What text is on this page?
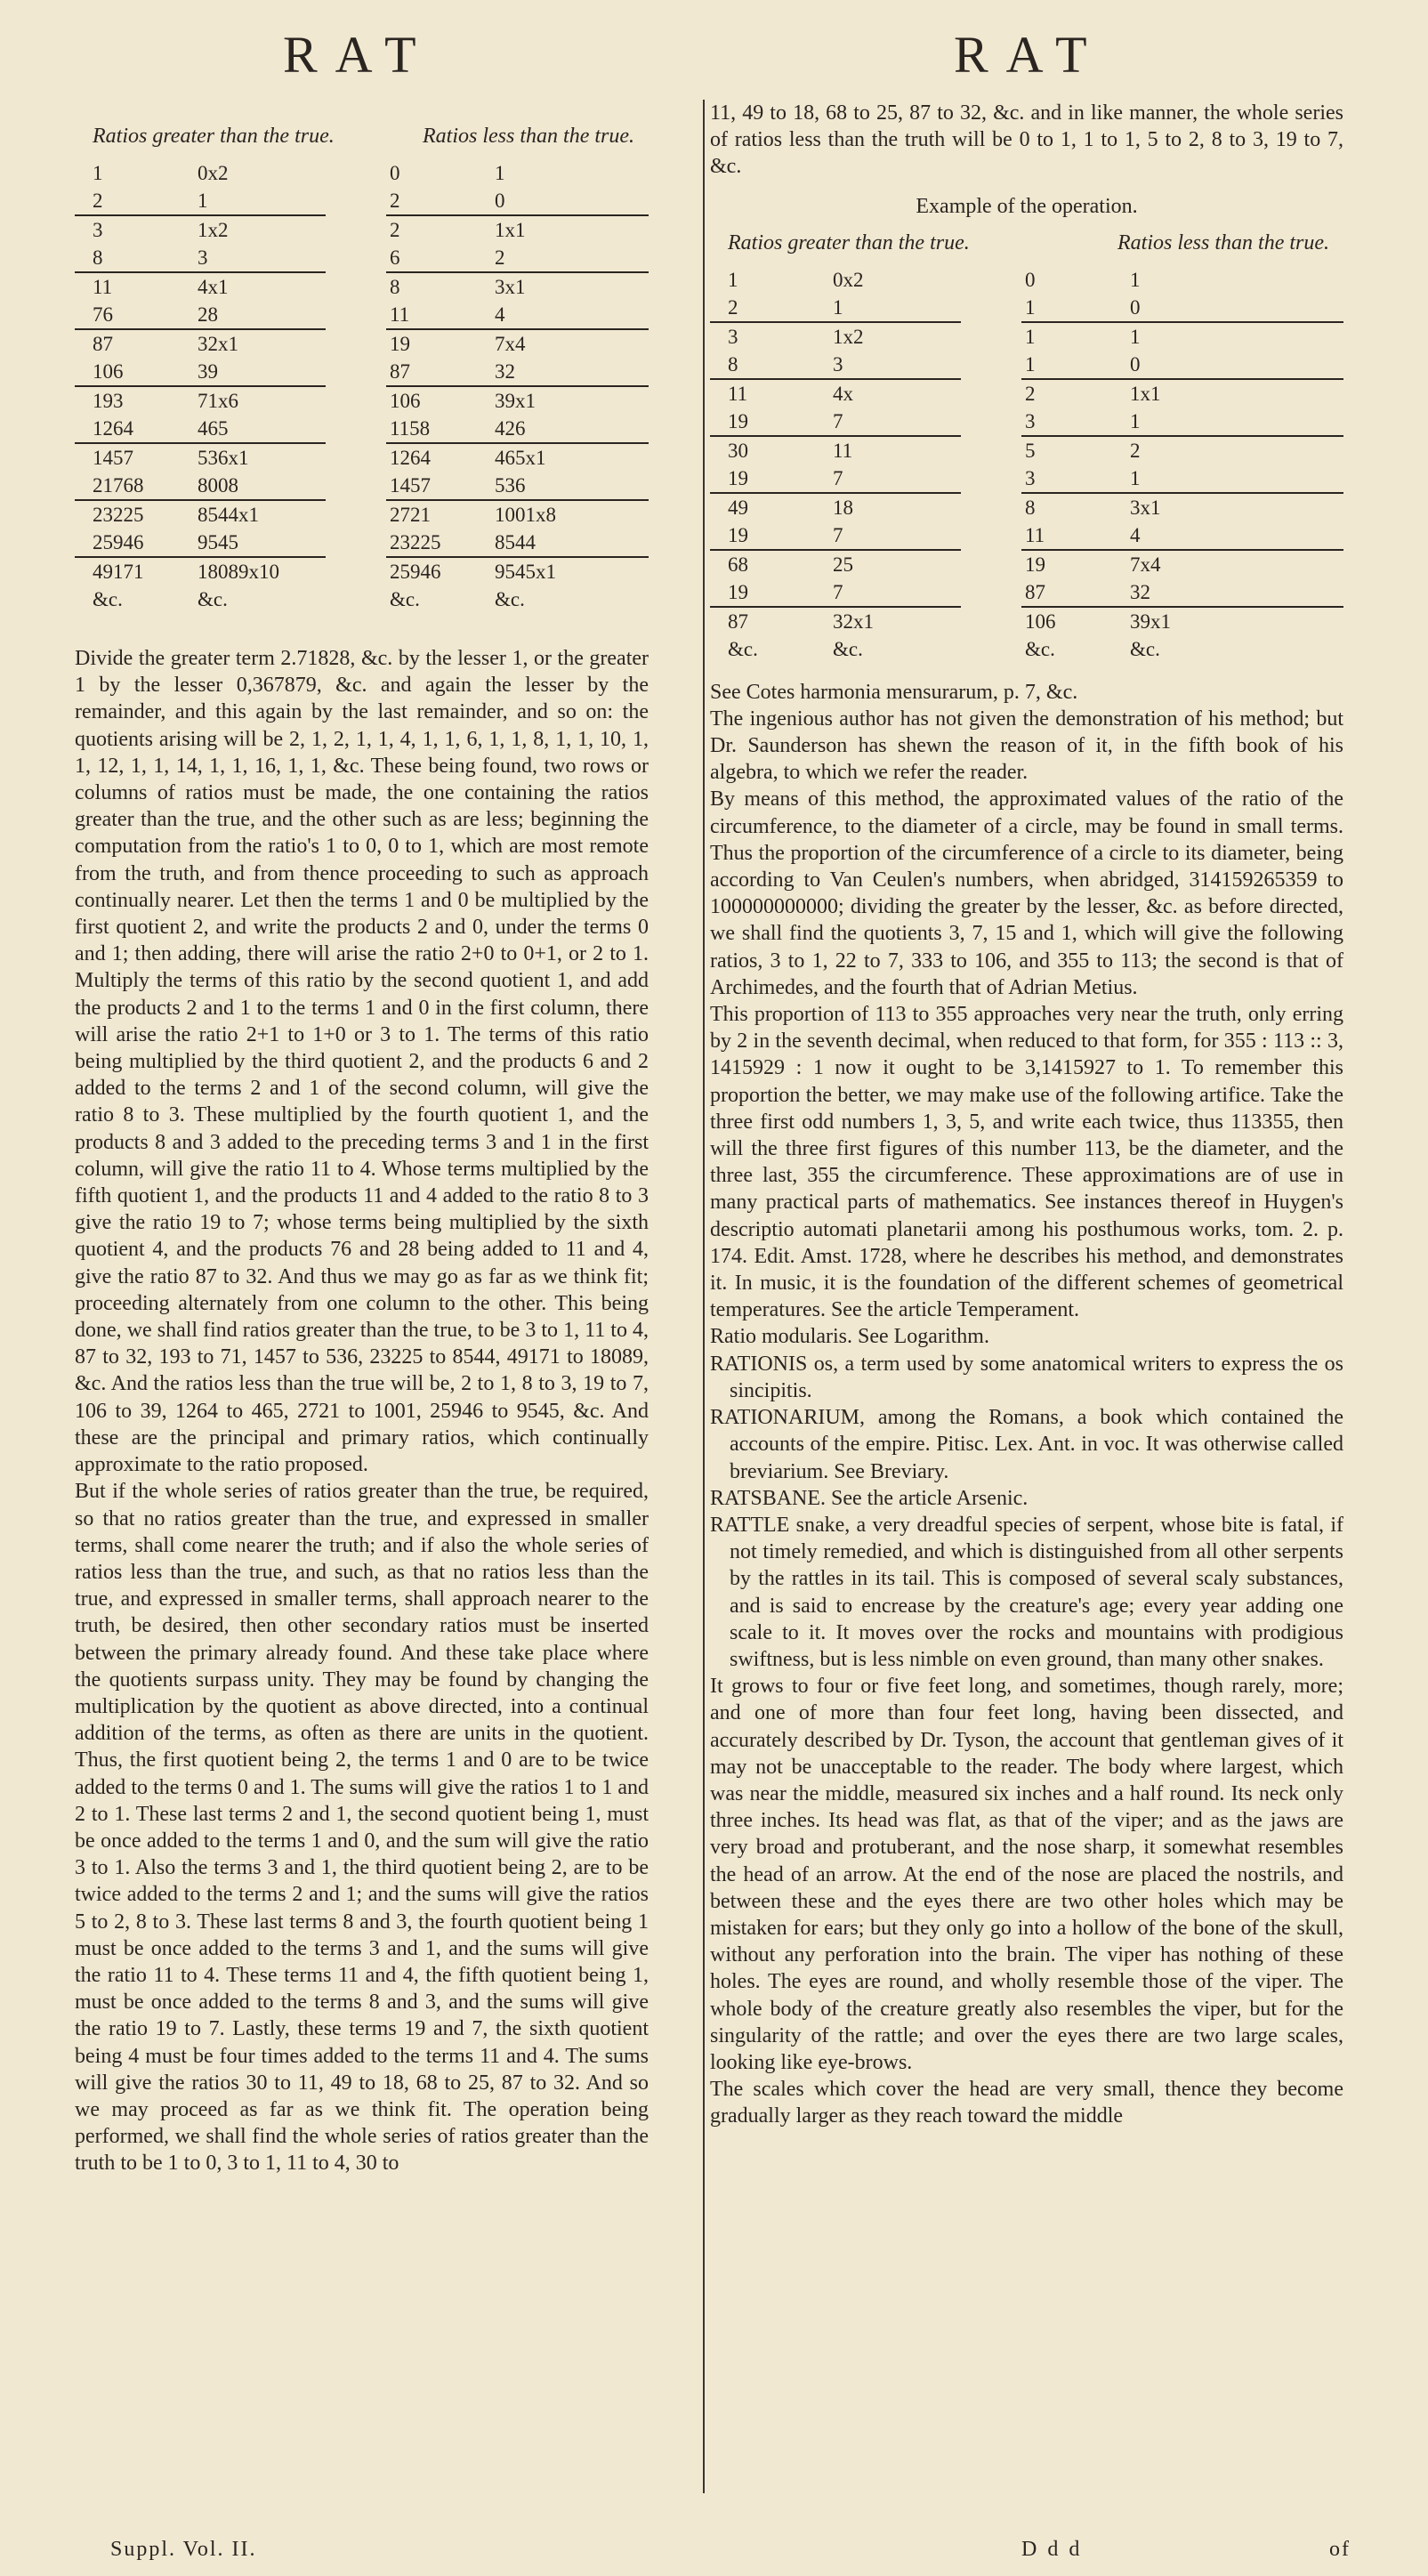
RAT	RAT
Ratios greater than the true.	Ratios less than the true.
1	0x2		0	1
2	1		2	0
3	1x2		2	1x1
8	3		6	2
11	4x1		8	3x1
76	28		11	4
87	32x1		19	7x4
106	39		87	32
193	71x6		106	39x1
1264	465		1158	426
1457	536x1		1264	465x1
21768	8008		1457	536
23225	8544x1		2721	1001x8
25946	9545		23225	8544
49171	18089x10		25946	9545x1
&c.	&c.		&c.	&c.

Divide the greater term 2.71828, &c. by the lesser 1, or the greater 1 by the lesser 0,367879, &c. and again the lesser by the remainder, and this again by the last remainder, and so on: the quotients arising will be 2, 1, 2, 1, 1, 4, 1, 1, 6, 1, 1, 8, 1, 1, 10, 1, 1, 12, 1, 1, 14, 1, 1, 16, 1, 1, &c. These being found, two rows or columns of ratios must be made, the one containing the ratios greater than the true, and the other such as are less; beginning the computation from the ratio's 1 to 0, 0 to 1, which are most remote from the truth, and from thence proceeding to such as approach continually nearer. Let then the terms 1 and 0 be multiplied by the first quotient 2, and write the products 2 and 0, under the terms 0 and 1; then adding, there will arise the ratio 2+0 to 0+1, or 2 to 1. Multiply the terms of this ratio by the second quotient 1, and add the products 2 and 1 to the terms 1 and 0 in the first column, there will arise the ratio 2+1 to 1+0 or 3 to 1. The terms of this ratio being multiplied by the third quotient 2, and the products 6 and 2 added to the terms 2 and 1 of the second column, will give the ratio 8 to 3. These multiplied by the fourth quotient 1, and the products 8 and 3 added to the preceding terms 3 and 1 in the first column, will give the ratio 11 to 4. Whose terms multiplied by the fifth quotient 1, and the products 11 and 4 added to the ratio 8 to 3 give the ratio 19 to 7; whose terms being multiplied by the sixth quotient 4, and the products 76 and 28 being added to 11 and 4, give the ratio 87 to 32. And thus we may go as far as we think fit; proceeding alternately from one column to the other. This being done, we shall find ratios greater than the true, to be 3 to 1, 11 to 4, 87 to 32, 193 to 71, 1457 to 536, 23225 to 8544, 49171 to 18089, &c. And the ratios less than the true will be, 2 to 1, 8 to 3, 19 to 7, 106 to 39, 1264 to 465, 2721 to 1001, 25946 to 9545, &c. And these are the principal and primary ratios, which continually approximate to the ratio proposed.

But if the whole series of ratios greater than the true, be required, so that no ratios greater than the true, and expressed in smaller terms, shall come nearer the truth; and if also the whole series of ratios less than the true, and such, as that no ratios less than the true, and expressed in smaller terms, shall approach nearer to the truth, be desired, then other secondary ratios must be inserted between the primary already found. And these take place where the quotients surpass unity. They may be found by changing the multiplication by the quotient as above directed, into a continual addition of the terms, as often as there are units in the quotient. Thus, the first quotient being 2, the terms 1 and 0 are to be twice added to the terms 0 and 1. The sums will give the ratios 1 to 1 and 2 to 1. These last terms 2 and 1, the second quotient being 1, must be once added to the terms 1 and 0, and the sum will give the ratio 3 to 1. Also the terms 3 and 1, the third quotient being 2, are to be twice added to the terms 2 and 1; and the sums will give the ratios 5 to 2, 8 to 3. These last terms 8 and 3, the fourth quotient being 1 must be once added to the terms 3 and 1, and the sums will give the ratio 11 to 4. These terms 11 and 4, the fifth quotient being 1, must be once added to the terms 8 and 3, and the sums will give the ratio 19 to 7. Lastly, these terms 19 and 7, the sixth quotient being 4 must be four times added to the terms 11 and 4. The sums will give the ratios 30 to 11, 49 to 18, 68 to 25, 87 to 32. And so we may proceed as far as we think fit. The operation being performed, we shall find the whole series of ratios greater than the truth to be 1 to 0, 3 to 1, 11 to 4, 30 to

11, 49 to 18, 68 to 25, 87 to 32, &c. and in like manner, the whole series of ratios less than the truth will be 0 to 1, 1 to 1, 5 to 2, 8 to 3, 19 to 7, &c.

Example of the operation.
Ratios greater than the true.	Ratios less than the true.
1	0x2		0	1
2	1		1	0
3	1x2		1	1
8	3		1	0
11	4x		2	1x1
19	7		3	1
30	11		5	2
19	7		3	1
49	18		8	3x1
19	7		11	4
68	25		19	7x4
19	7		87	32
87	32x1		106	39x1
&c.	&c.		&c.	&c.

See Cotes harmonia mensurarum, p. 7, &c.

The ingenious author has not given the demonstration of his method; but Dr. Saunderson has shewn the reason of it, in the fifth book of his algebra, to which we refer the reader.

By means of this method, the approximated values of the ratio of the circumference, to the diameter of a circle, may be found in small terms. Thus the proportion of the circumference of a circle to its diameter, being according to Van Ceulen's numbers, when abridged, 314159265359 to 100000000000; dividing the greater by the lesser, &c. as before directed, we shall find the quotients 3, 7, 15 and 1, which will give the following ratios, 3 to 1, 22 to 7, 333 to 106, and 355 to 113; the second is that of Archimedes, and the fourth that of Adrian Metius.

This proportion of 113 to 355 approaches very near the truth, only erring by 2 in the seventh decimal, when reduced to that form, for 355 : 113 :: 3, 1415929 : 1 now it ought to be 3,1415927 to 1. To remember this proportion the better, we may make use of the following artifice. Take the three first odd numbers 1, 3, 5, and write each twice, thus 113355, then will the three first figures of this number 113, be the diameter, and the three last, 355 the circumference. These approximations are of use in many practical parts of mathematics. See instances thereof in Huygen's descriptio automati planetarii among his posthumous works, tom. 2. p. 174. Edit. Amst. 1728, where he describes his method, and demonstrates it. In music, it is the foundation of the different schemes of geometrical temperatures. See the article Temperament.

Ratio modularis. See Logarithm.

RATIONIS os, a term used by some anatomical writers to express the os sincipitis.

RATIONARIUM, among the Romans, a book which contained the accounts of the empire. Pitisc. Lex. Ant. in voc. It was otherwise called breviarium. See Breviary.

RATSBANE. See the article Arsenic.

RATTLE snake, a very dreadful species of serpent, whose bite is fatal, if not timely remedied, and which is distinguished from all other serpents by the rattles in its tail. This is composed of several scaly substances, and is said to encrease by the creature's age; every year adding one scale to it. It moves over the rocks and mountains with prodigious swiftness, but is less nimble on even ground, than many other snakes.

It grows to four or five feet long, and sometimes, though rarely, more; and one of more than four feet long, having been dissected, and accurately described by Dr. Tyson, the account that gentleman gives of it may not be unacceptable to the reader. The body where largest, which was near the middle, measured six inches and a half round. Its neck only three inches. Its head was flat, as that of the viper; and as the jaws are very broad and protuberant, and the nose sharp, it somewhat resembles the head of an arrow. At the end of the nose are placed the nostrils, and between these and the eyes there are two other holes which may be mistaken for ears; but they only go into a hollow of the bone of the skull, without any perforation into the brain. The viper has nothing of these holes. The eyes are round, and wholly resemble those of the viper. The whole body of the creature greatly also resembles the viper, but for the singularity of the rattle; and over the eyes there are two large scales, looking like eye-brows.

The scales which cover the head are very small, thence they become gradually larger as they reach toward the middle

Suppl. Vol. II.	Ddd	of
